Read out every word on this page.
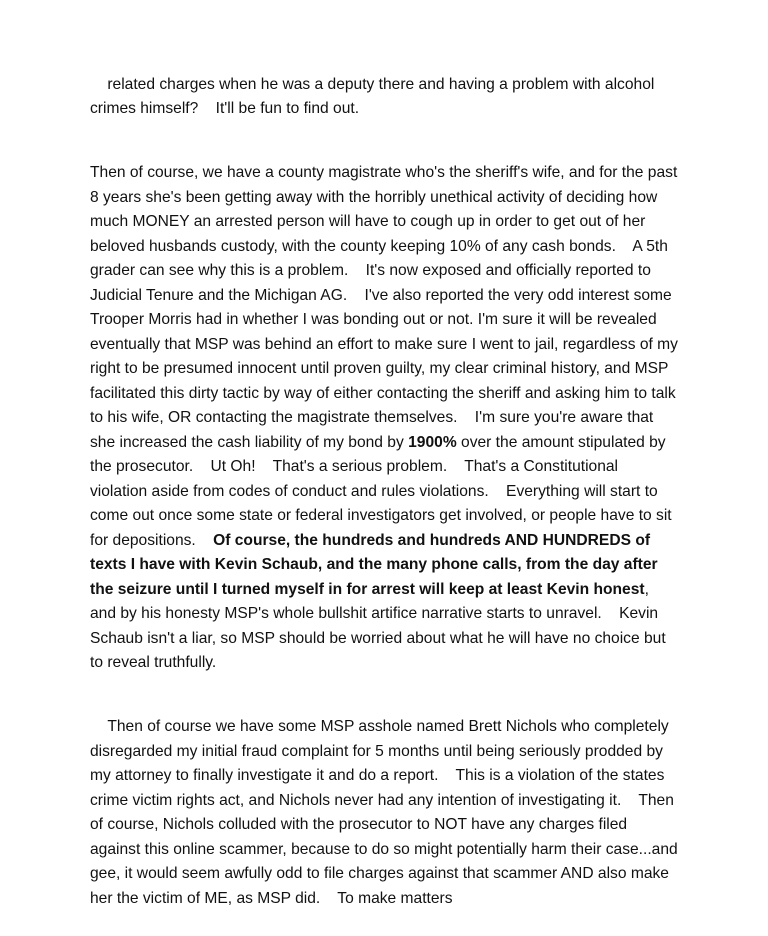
related charges when he was a deputy there and having a problem with alcohol crimes himself?    It'll be fun to find out.

Then of course, we have a county magistrate who's the sheriff's wife, and for the past 8 years she's been getting away with the horribly unethical activity of deciding how much MONEY an arrested person will have to cough up in order to get out of her beloved husbands custody, with the county keeping 10% of any cash bonds.    A 5th grader can see why this is a problem.    It's now exposed and officially reported to Judicial Tenure and the Michigan AG.    I've also reported the very odd interest some Trooper Morris had in whether I was bonding out or not. I'm sure it will be revealed eventually that MSP was behind an effort to make sure I went to jail, regardless of my right to be presumed innocent until proven guilty, my clear criminal history, and MSP facilitated this dirty tactic by way of either contacting the sheriff and asking him to talk to his wife, OR contacting the magistrate themselves.    I'm sure you're aware that she increased the cash liability of my bond by 1900% over the amount stipulated by the prosecutor.    Ut Oh!    That's a serious problem.    That's a Constitutional violation aside from codes of conduct and rules violations.    Everything will start to come out once some state or federal investigators get involved, or people have to sit for depositions.    Of course, the hundreds and hundreds AND HUNDREDS of texts I have with Kevin Schaub, and the many phone calls, from the day after the seizure until I turned myself in for arrest will keep at least Kevin honest, and by his honesty MSP's whole bullshit artifice narrative starts to unravel.    Kevin Schaub isn't a liar, so MSP should be worried about what he will have no choice but to reveal truthfully.

Then of course we have some MSP asshole named Brett Nichols who completely disregarded my initial fraud complaint for 5 months until being seriously prodded by my attorney to finally investigate it and do a report.    This is a violation of the states crime victim rights act, and Nichols never had any intention of investigating it.    Then of course, Nichols colluded with the prosecutor to NOT have any charges filed against this online scammer, because to do so might potentially harm their case...and gee, it would seem awfully odd to file charges against that scammer AND also make her the victim of ME, as MSP did.    To make matters
